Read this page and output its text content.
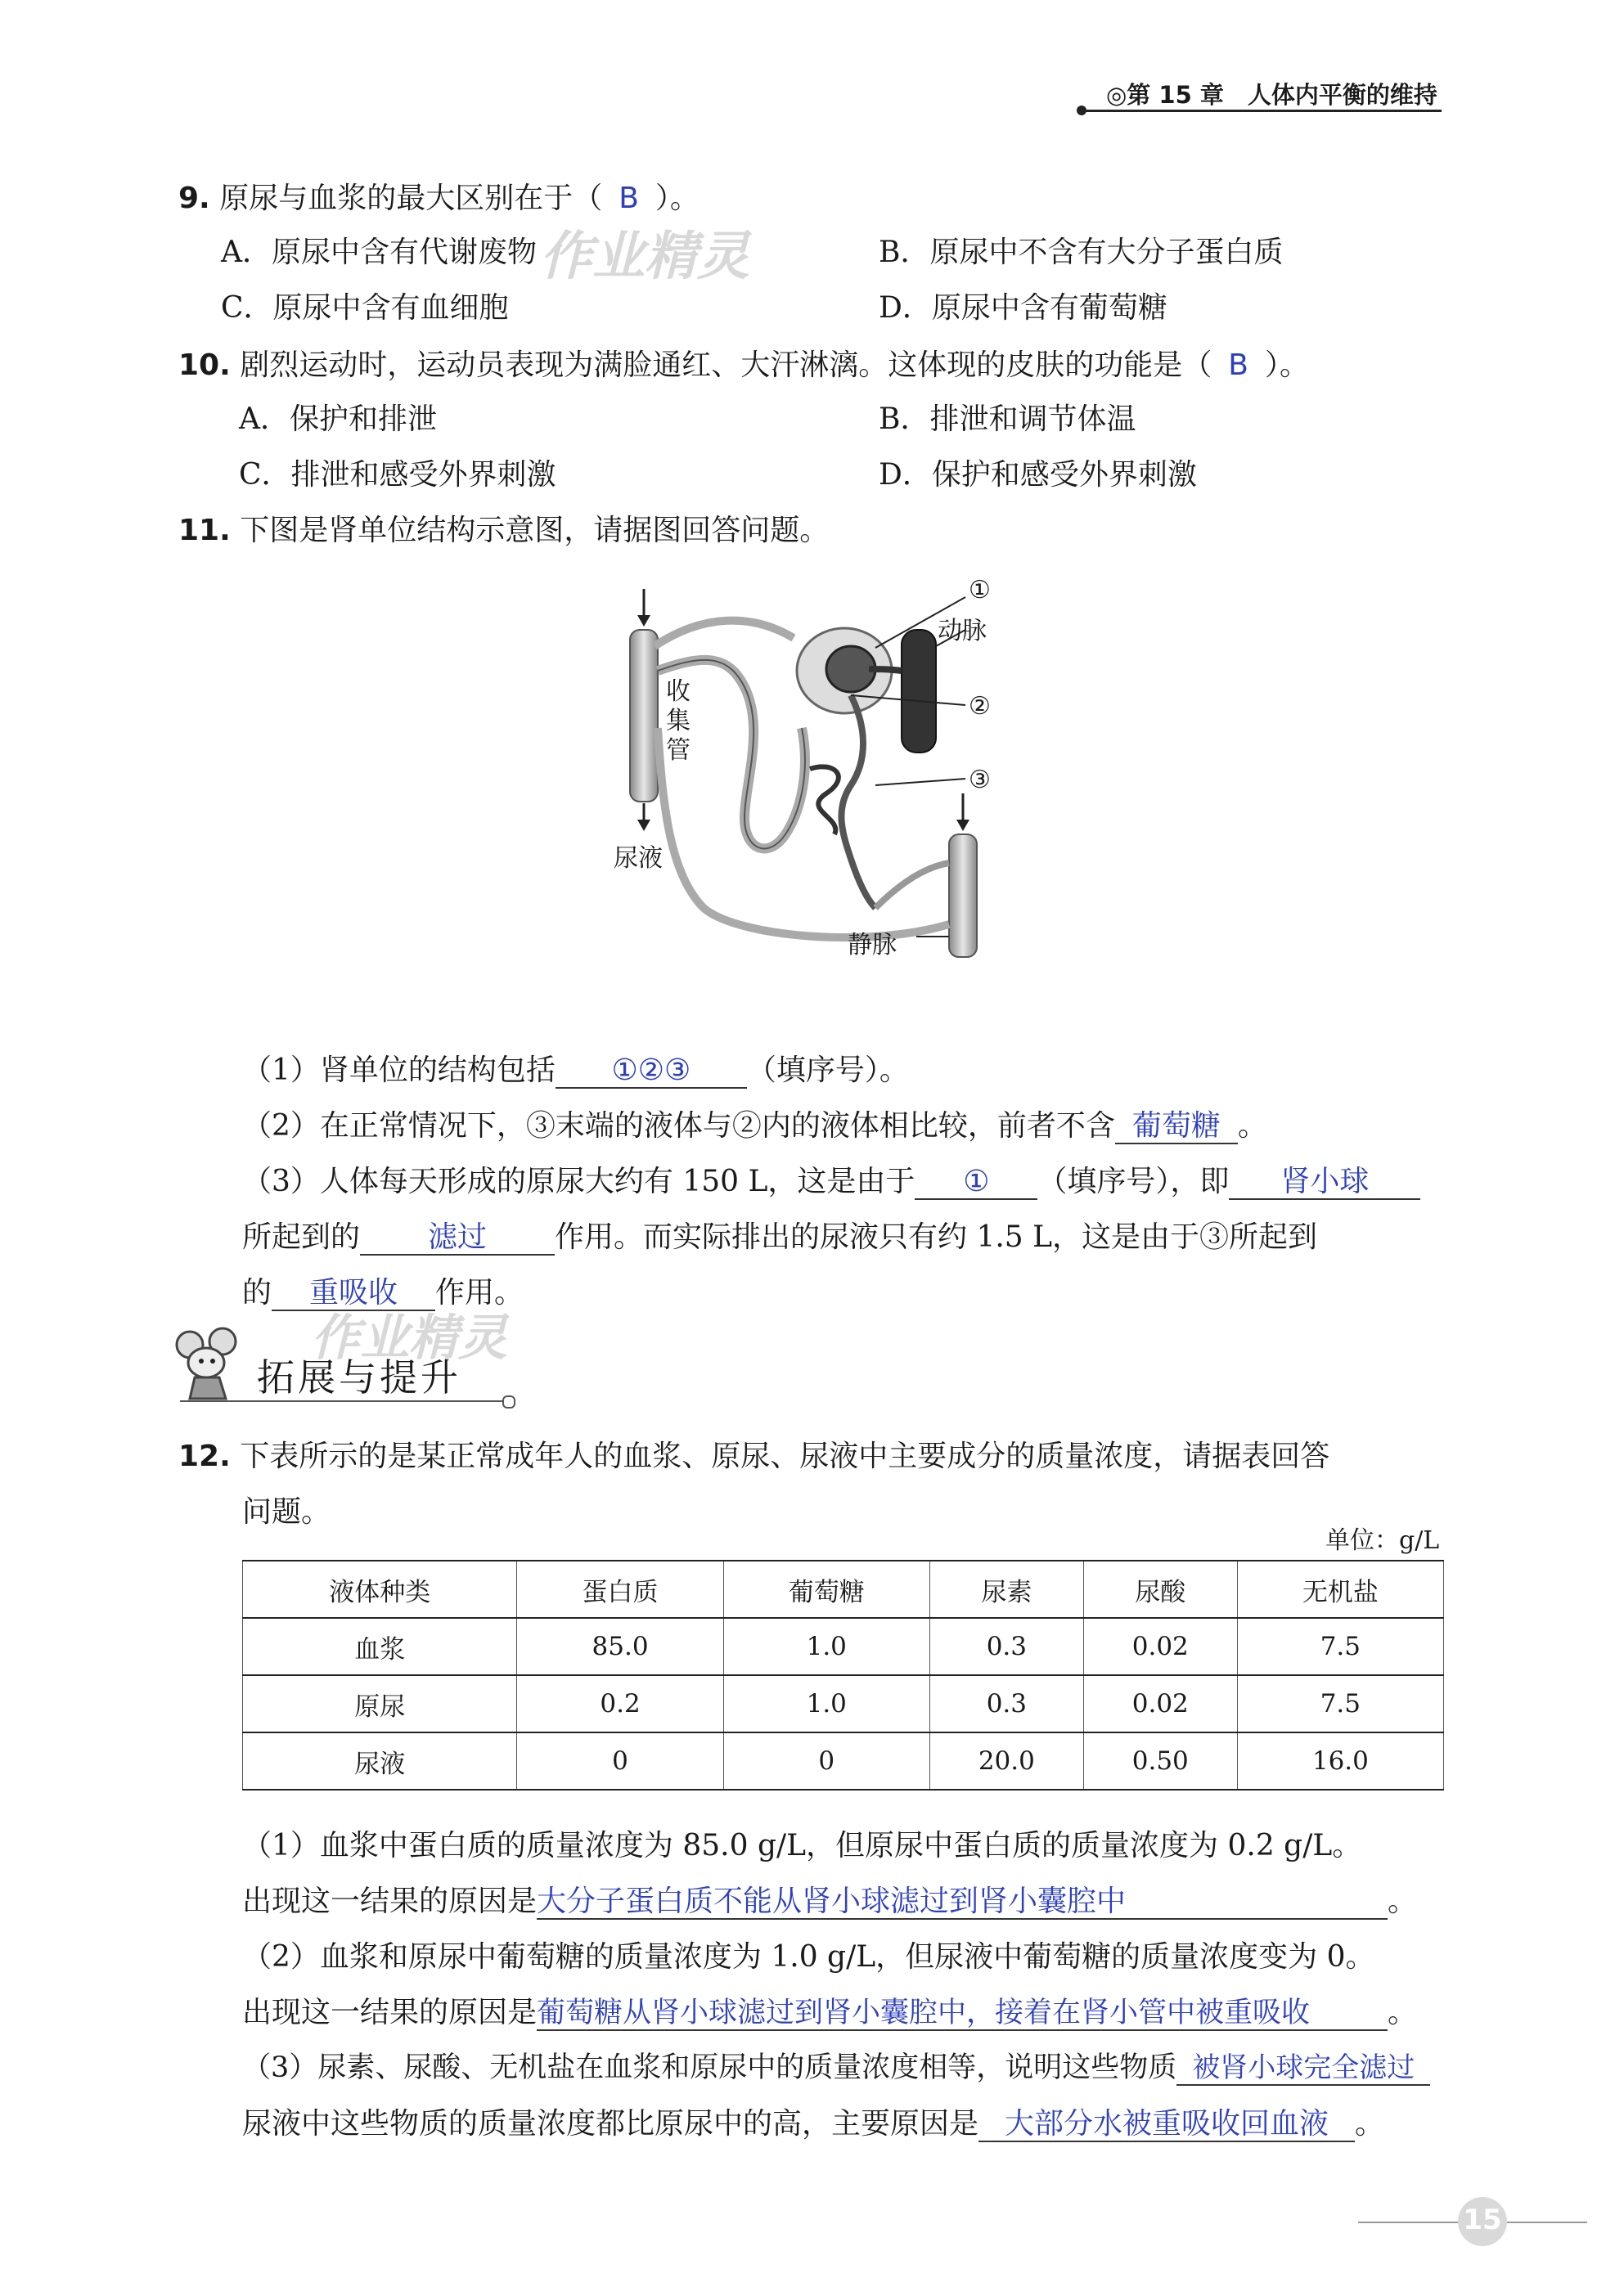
◎第 15 章　人体内平衡的维持
作业精灵
作业精灵
9. 原尿与血浆的最大区别在于（ B ）。
A．原尿中含有代谢废物	B．原尿中不含有大分子蛋白质
C．原尿中含有血细胞	D．原尿中含有葡萄糖
10. 剧烈运动时，运动员表现为满脸通红、大汗淋漓。这体现的皮肤的功能是（ B ）。
A．保护和排泄	B．排泄和调节体温
C．排泄和感受外界刺激	D．保护和感受外界刺激
11. 下图是肾单位结构示意图，请据图回答问题。
①
动脉
②
③
收
集
管
尿液
静脉
（1）肾单位的结构包括 ①②③ （填序号）。
（2）在正常情况下，③末端的液体与②内的液体相比较，前者不含 葡萄糖 。
（3）人体每天形成的原尿大约有 150 L，这是由于 ① （填序号），即 肾小球
所起到的 滤过 作用。而实际排出的尿液只有约 1.5 L，这是由于③所起到
的 重吸收 作用。
拓展与提升
12. 下表所示的是某正常成年人的血浆、原尿、尿液中主要成分的质量浓度，请据表回答
问题。
单位：g/L
液体种类	蛋白质	葡萄糖	尿素	尿酸	无机盐
血浆	85.0	1.0	0.3	0.02	7.5
原尿	0.2	1.0	0.3	0.02	7.5
尿液	0	0	20.0	0.50	16.0
（1）血浆中蛋白质的质量浓度为 85.0 g/L，但原尿中蛋白质的质量浓度为 0.2 g/L。
出现这一结果的原因是大分子蛋白质不能从肾小球滤过到肾小囊腔中	。
（2）血浆和原尿中葡萄糖的质量浓度为 1.0 g/L，但尿液中葡萄糖的质量浓度变为 0。
出现这一结果的原因是葡萄糖从肾小球滤过到肾小囊腔中，接着在肾小管中被重吸收	。
（3）尿素、尿酸、无机盐在血浆和原尿中的质量浓度相等，说明这些物质 被肾小球完全滤过
尿液中这些物质的质量浓度都比原尿中的高，主要原因是 大部分水被重吸收回血液 。
15
